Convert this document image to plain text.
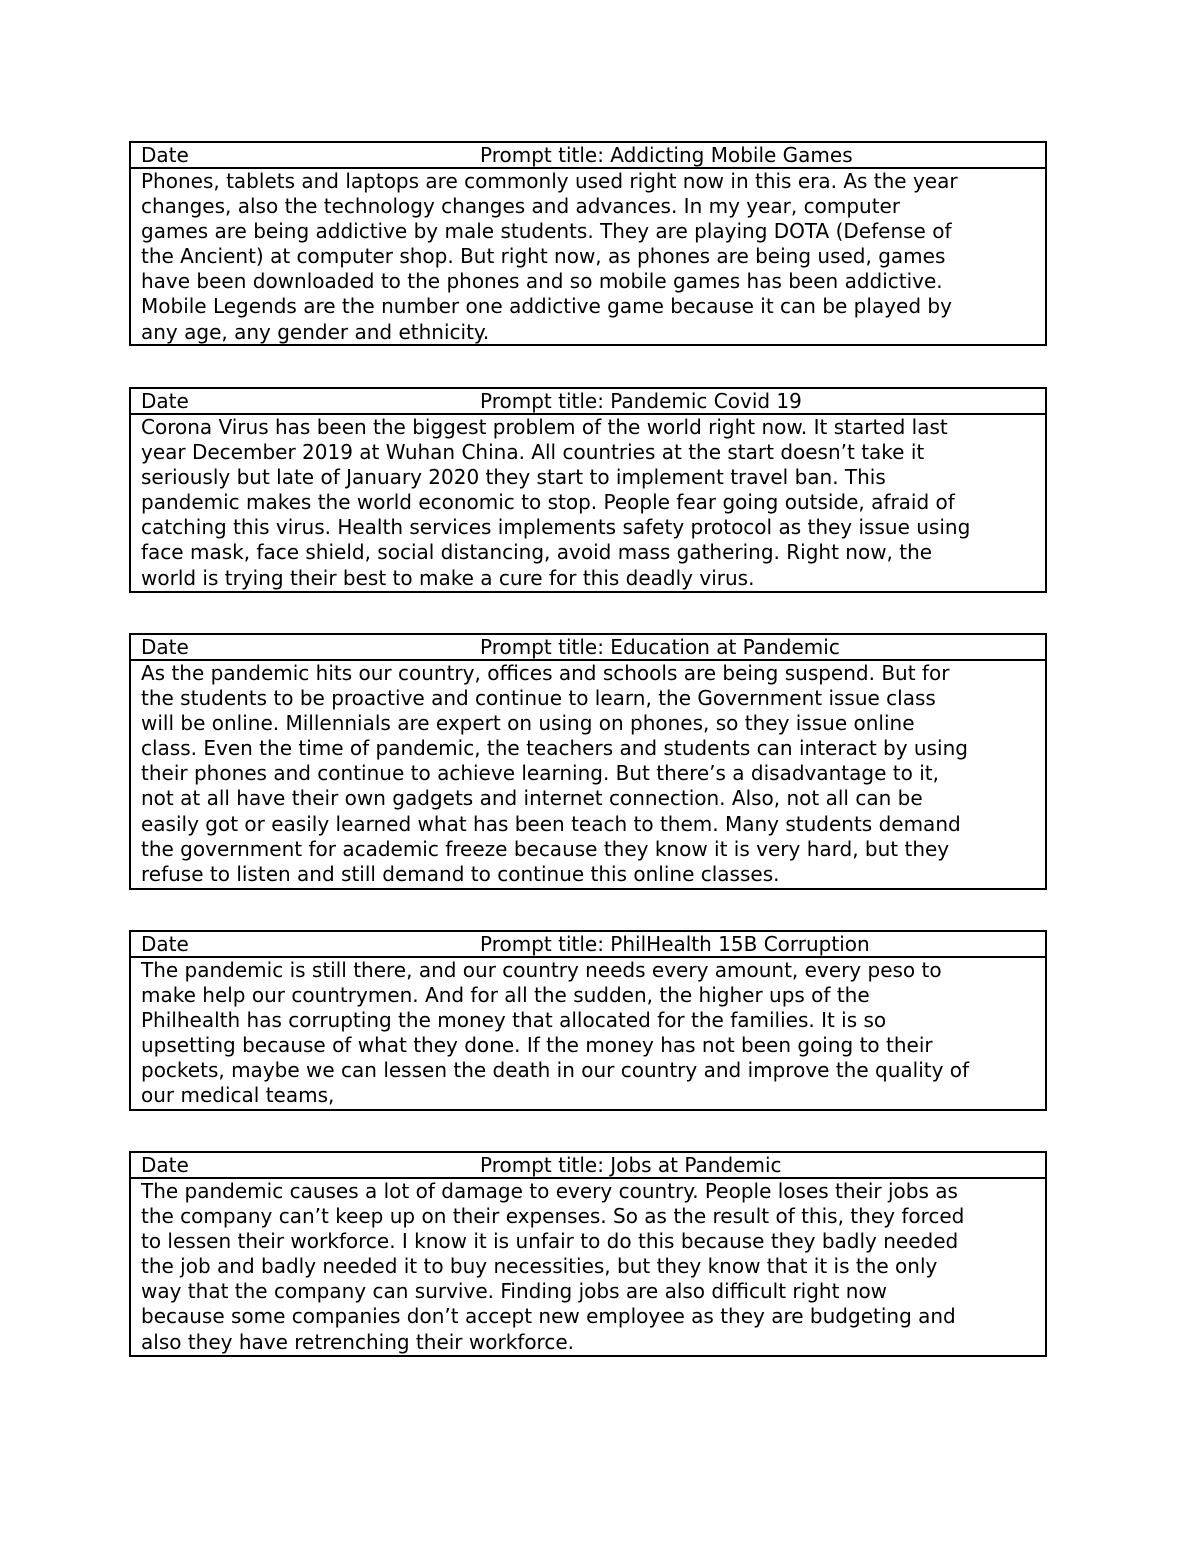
Date	Prompt title: Addicting Mobile Games
Phones, tablets and laptops are commonly used right now in this era. As the year
changes, also the technology changes and advances. In my year, computer
games are being addictive by male students. They are playing DOTA (Defense of
the Ancient) at computer shop. But right now, as phones are being used, games
have been downloaded to the phones and so mobile games has been addictive.
Mobile Legends are the number one addictive game because it can be played by
any age, any gender and ethnicity.
Date	Prompt title: Pandemic Covid 19
Corona Virus has been the biggest problem of the world right now. It started last
year December 2019 at Wuhan China. All countries at the start doesn’t take it
seriously but late of January 2020 they start to implement travel ban. This
pandemic makes the world economic to stop. People fear going outside, afraid of
catching this virus. Health services implements safety protocol as they issue using
face mask, face shield, social distancing, avoid mass gathering. Right now, the
world is trying their best to make a cure for this deadly virus.
Date	Prompt title: Education at Pandemic
As the pandemic hits our country, offices and schools are being suspend. But for
the students to be proactive and continue to learn, the Government issue class
will be online. Millennials are expert on using on phones, so they issue online
class. Even the time of pandemic, the teachers and students can interact by using
their phones and continue to achieve learning. But there’s a disadvantage to it,
not at all have their own gadgets and internet connection. Also, not all can be
easily got or easily learned what has been teach to them. Many students demand
the government for academic freeze because they know it is very hard, but they
refuse to listen and still demand to continue this online classes.
Date	Prompt title: PhilHealth 15B Corruption
The pandemic is still there, and our country needs every amount, every peso to
make help our countrymen. And for all the sudden, the higher ups of the
Philhealth has corrupting the money that allocated for the families. It is so
upsetting because of what they done. If the money has not been going to their
pockets, maybe we can lessen the death in our country and improve the quality of
our medical teams,
Date	Prompt title: Jobs at Pandemic
The pandemic causes a lot of damage to every country. People loses their jobs as
the company can’t keep up on their expenses. So as the result of this, they forced
to lessen their workforce. I know it is unfair to do this because they badly needed
the job and badly needed it to buy necessities, but they know that it is the only
way that the company can survive. Finding jobs are also difficult right now
because some companies don’t accept new employee as they are budgeting and
also they have retrenching their workforce.
